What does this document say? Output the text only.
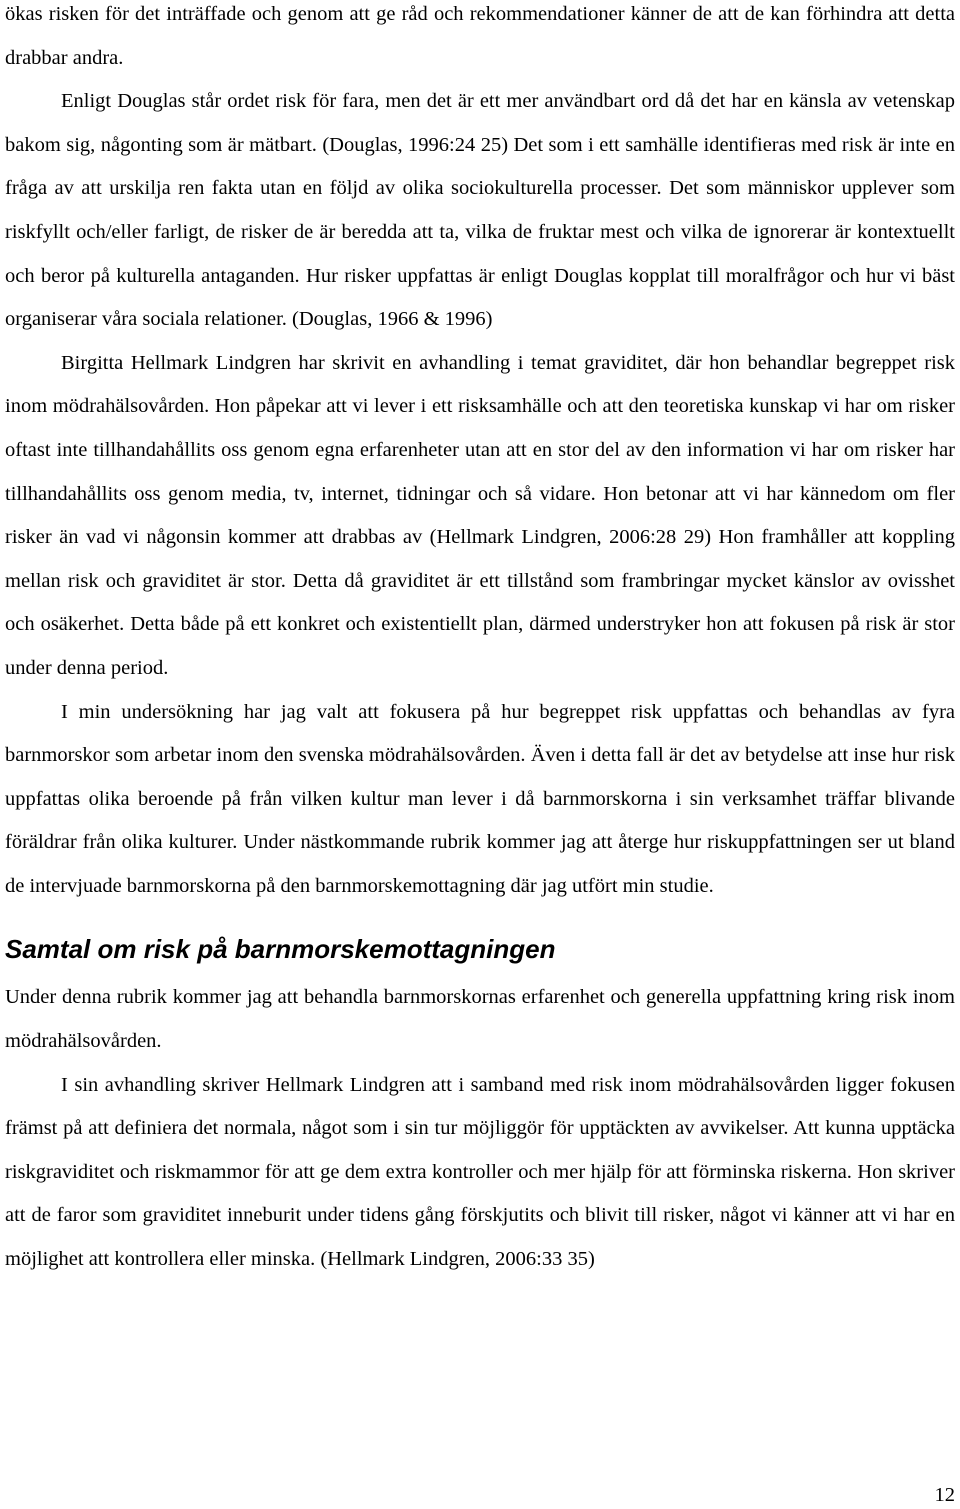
ökas risken för det inträffade och genom att ge råd och rekommendationer känner de att de kan förhindra att detta drabbar andra.

Enligt Douglas står ordet risk för fara, men det är ett mer användbart ord då det har en känsla av vetenskap bakom sig, någonting som är mätbart. (Douglas, 1996:24 25) Det som i ett samhälle identifieras med risk är inte en fråga av att urskilja ren fakta utan en följd av olika sociokulturella processer. Det som människor upplever som riskfyllt och/eller farligt, de risker de är beredda att ta, vilka de fruktar mest och vilka de ignorerar är kontextuellt och beror på kulturella antaganden. Hur risker uppfattas är enligt Douglas kopplat till moralfrågor och hur vi bäst organiserar våra sociala relationer. (Douglas, 1966 & 1996)

Birgitta Hellmark Lindgren har skrivit en avhandling i temat graviditet, där hon behandlar begreppet risk inom mödrahälsovården. Hon påpekar att vi lever i ett risksamhälle och att den teoretiska kunskap vi har om risker oftast inte tillhandahållits oss genom egna erfarenheter utan att en stor del av den information vi har om risker har tillhandahållits oss genom media, tv, internet, tidningar och så vidare. Hon betonar att vi har kännedom om fler risker än vad vi någonsin kommer att drabbas av (Hellmark Lindgren, 2006:28 29) Hon framhåller att koppling mellan risk och graviditet är stor. Detta då graviditet är ett tillstånd som frambringar mycket känslor av ovisshet och osäkerhet. Detta både på ett konkret och existentiellt plan, därmed understryker hon att fokusen på risk är stor under denna period.

I min undersökning har jag valt att fokusera på hur begreppet risk uppfattas och behandlas av fyra barnmorskor som arbetar inom den svenska mödrahälsovården. Även i detta fall är det av betydelse att inse hur risk uppfattas olika beroende på från vilken kultur man lever i då barnmorskorna i sin verksamhet träffar blivande föräldrar från olika kulturer. Under nästkommande rubrik kommer jag att återge hur riskuppfattningen ser ut bland de intervjuade barnmorskorna på den barnmorskemottagning där jag utfört min studie.

Samtal om risk på barnmorskemottagningen

Under denna rubrik kommer jag att behandla barnmorskornas erfarenhet och generella uppfattning kring risk inom mödrahälsovården.

I sin avhandling skriver Hellmark Lindgren att i samband med risk inom mödrahälsovården ligger fokusen främst på att definiera det normala, något som i sin tur möjliggör för upptäckten av avvikelser. Att kunna upptäcka riskgraviditet och riskmammor för att ge dem extra kontroller och mer hjälp för att förminska riskerna. Hon skriver att de faror som graviditet inneburit under tidens gång förskjutits och blivit till risker, något vi känner att vi har en möjlighet att kontrollera eller minska. (Hellmark Lindgren, 2006:33 35)

12
